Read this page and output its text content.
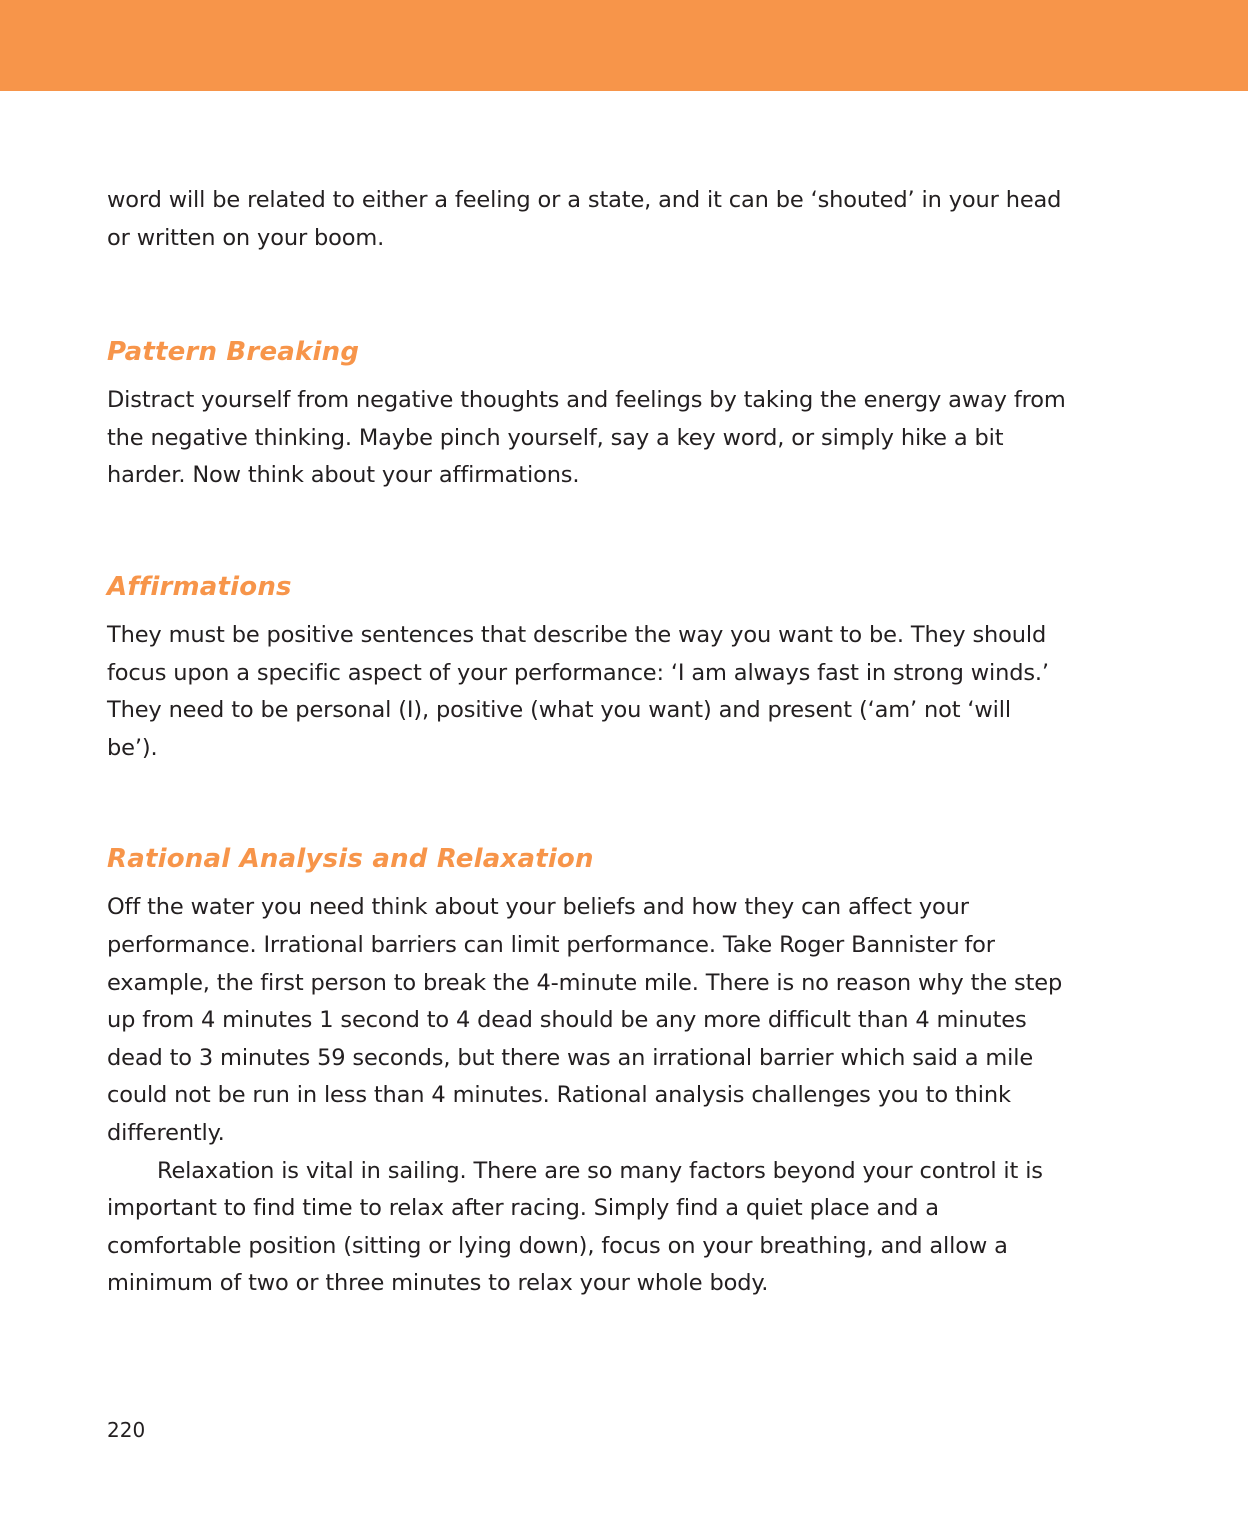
word will be related to either a feeling or a state, and it can be ‘shouted’ in your head or written on your boom.

Pattern Breaking

Distract yourself from negative thoughts and feelings by taking the energy away from the negative thinking. Maybe pinch yourself, say a key word, or simply hike a bit harder. Now think about your affirmations.

Affirmations

They must be positive sentences that describe the way you want to be. They should focus upon a specific aspect of your performance: ‘I am always fast in strong winds.’ They need to be personal (I), positive (what you want) and present (‘am’ not ‘will be’).

Rational Analysis and Relaxation

Off the water you need think about your beliefs and how they can affect your performance. Irrational barriers can limit performance. Take Roger Bannister for example, the first person to break the 4-minute mile. There is no reason why the step up from 4 minutes 1 second to 4 dead should be any more difficult than 4 minutes dead to 3 minutes 59 seconds, but there was an irrational barrier which said a mile could not be run in less than 4 minutes. Rational analysis challenges you to think differently.

Relaxation is vital in sailing. There are so many factors beyond your control it is important to find time to relax after racing. Simply find a quiet place and a comfortable position (sitting or lying down), focus on your breathing, and allow a minimum of two or three minutes to relax your whole body.

220
